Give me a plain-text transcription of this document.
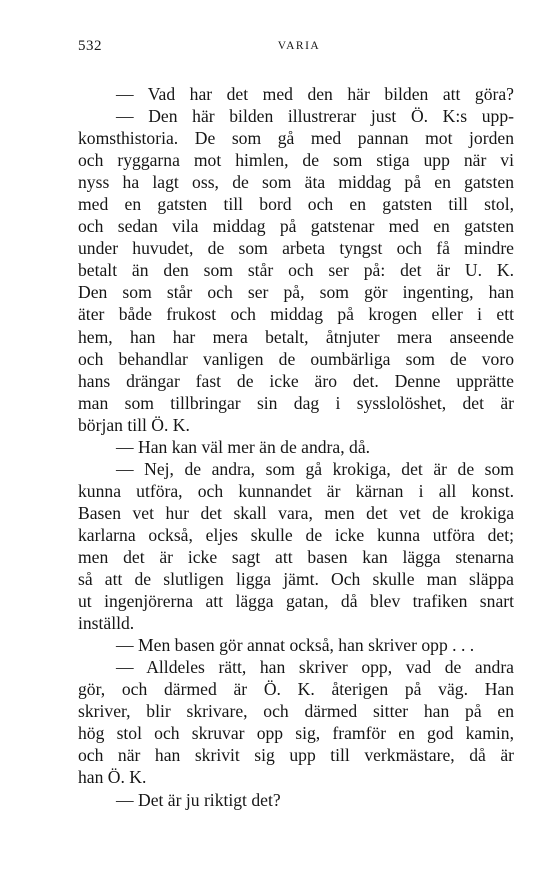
532	VARIA
— Vad har det med den här bilden att göra?
— Den här bilden illustrerar just Ö. K:s upp-
komsthistoria. De som gå med pannan mot jorden
och ryggarna mot himlen, de som stiga upp när vi
nyss ha lagt oss, de som äta middag på en gatsten
med en gatsten till bord och en gatsten till stol,
och sedan vila middag på gatstenar med en gatsten
under huvudet, de som arbeta tyngst och få mindre
betalt än den som står och ser på: det är U. K.
Den som står och ser på, som gör ingenting, han
äter både frukost och middag på krogen eller i ett
hem, han har mera betalt, åtnjuter mera anseende
och behandlar vanligen de oumbärliga som de voro
hans drängar fast de icke äro det. Denne upprätte
man som tillbringar sin dag i sysslolöshet, det är
början till Ö. K.
— Han kan väl mer än de andra, då.
— Nej, de andra, som gå krokiga, det är de som
kunna utföra, och kunnandet är kärnan i all konst.
Basen vet hur det skall vara, men det vet de krokiga
karlarna också, eljes skulle de icke kunna utföra det;
men det är icke sagt att basen kan lägga stenarna
så att de slutligen ligga jämt. Och skulle man släppa
ut ingenjörerna att lägga gatan, då blev trafiken snart
inställd.
— Men basen gör annat också, han skriver opp . . .
— Alldeles rätt, han skriver opp, vad de andra
gör, och därmed är Ö. K. återigen på väg. Han
skriver, blir skrivare, och därmed sitter han på en
hög stol och skruvar opp sig, framför en god kamin,
och när han skrivit sig upp till verkmästare, då är
han Ö. K.
— Det är ju riktigt det?
